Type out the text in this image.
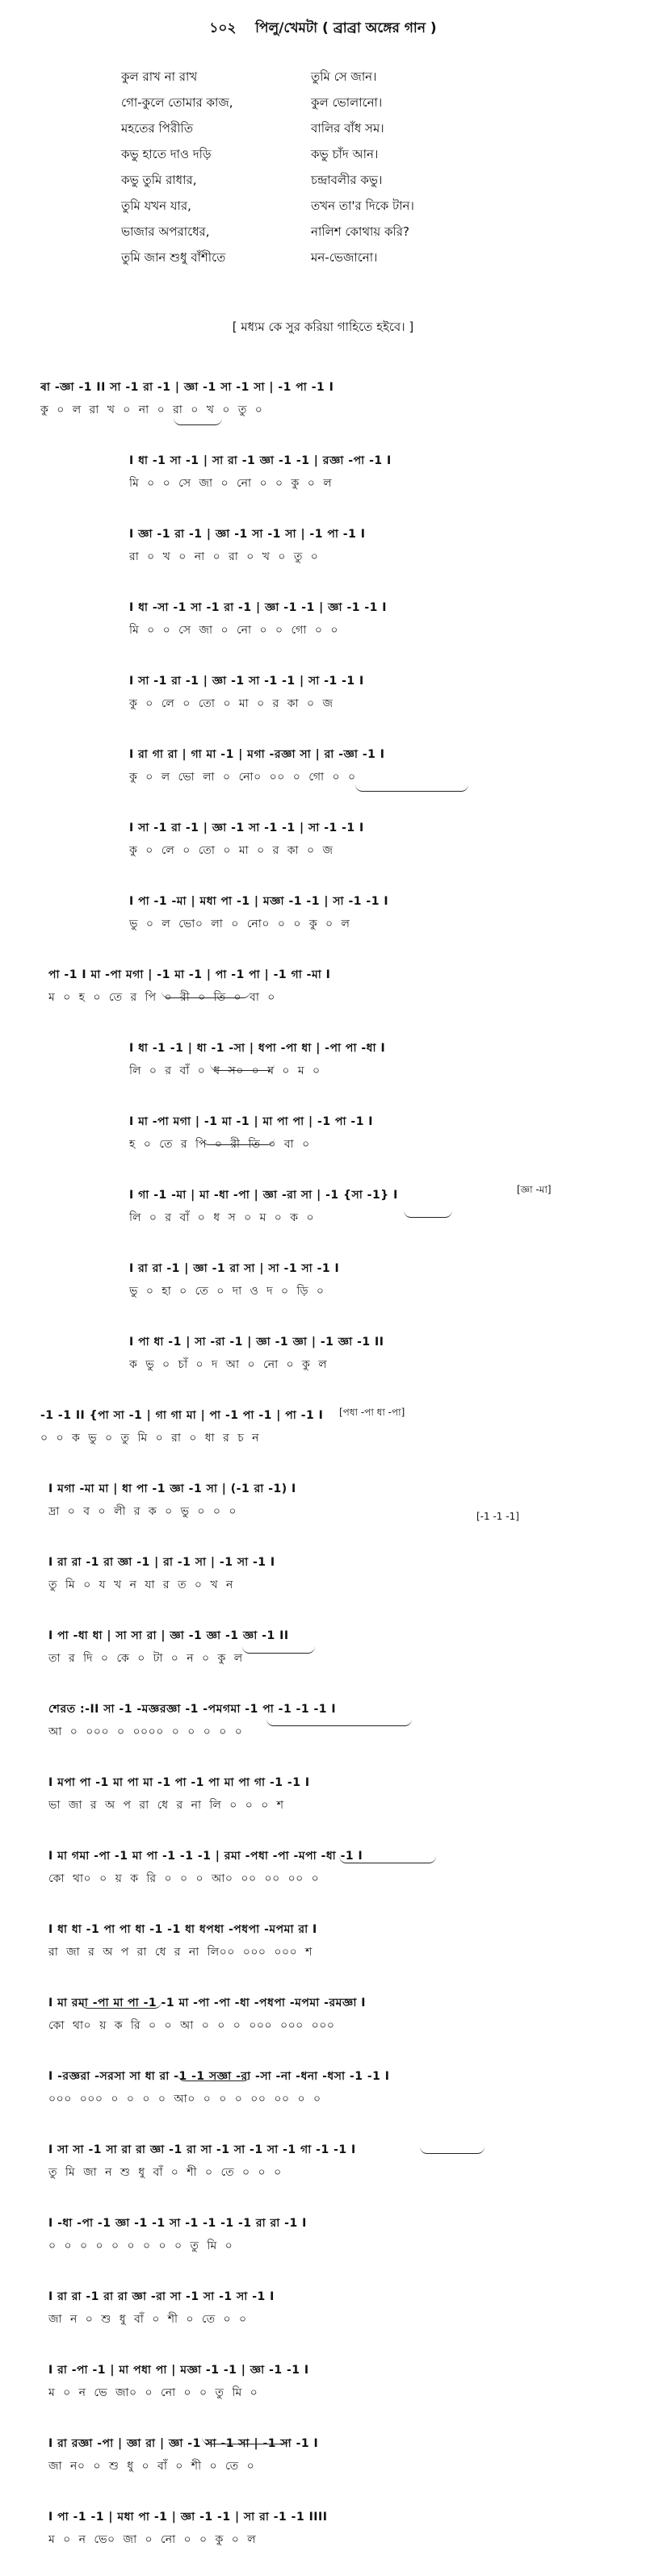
১০২ পিলু/খেমটা ( ব্রাব্রা অঙ্গের গান )
কুল রাখ না রাখ	তুমি সে জান।
গো-কুলে তোমার কাজ,	কুল ভোলানো।
মহতের পিরীতি	বালির বাঁধ সম।
কভু হাতে দাও দড়ি	কভু চাঁদ আন।
কভু তুমি রাধার,	চন্দ্রাবলীর কভু।
তুমি যখন যার,	তখন তা'র দিকে টান।
ভাজার অপরাধের,	নালিশ কোথায় করি?
তুমি জান শুধু বাঁশীতে	মন-ভেজানো।
[ মধ্যম কে সুর করিয়া গাহিতে হইবে। ]
ৰা -জ্ঞা -1 II সা -1 রা -1 | জ্ঞা -1 সা -1 সা | -1 পা -1 I
কু  ০  ল  রা  খ  ০  না  ০  রা  ০  খ  ০  তু  ০
I ধা -1 সা -1 | সা রা -1 জ্ঞা -1 -1 | রজ্ঞা -পা -1 I
মি  ০  ০  সে  জা  ০  নো  ০  ০  কু  ০  ল
I জ্ঞা -1 রা -1 | জ্ঞা -1 সা -1 সা | -1 পা -1 I
রা  ০  খ  ০  না  ০  রা  ০  খ  ০  তু  ০
I ধা -সা -1 সা -1 রা -1 | জ্ঞা -1 -1 | জ্ঞা -1 -1 I
মি  ০  ০  সে  জা  ০  নো  ০  ০  গো  ০  ০
I সা -1 রা -1 | জ্ঞা -1 সা -1 -1 | সা -1 -1 I
কু  ০  লে  ০  তো  ০  মা  ০  র  কা  ০  জ
I রা গা রা | গা মা -1 | মগা -রজ্ঞা সা | রা -জ্ঞা -1 I
কু  ০  ল  ভো  লা  ০  নো০  ০০  ০  গো  ০  ০
I সা -1 রা -1 | জ্ঞা -1 সা -1 -1 | সা -1 -1 I
কু  ০  লে  ০  তো  ০  মা  ০  র  কা  ০  জ
I পা -1 -মা | মধা পা -1 | মজ্ঞা -1 -1 | সা -1 -1 I
ভু  ০  ল  ভো০  লা  ০  নো০  ০  ০  কু  ০  ল
পা -1 I মা -পা মগা | -1 মা -1 | পা -1 পা | -1 গা -মা I
ম  ০  হ  ০  তে  র  পি  ০  রী  ০  তি  ০  বা  ০
I ধা -1 -1 | ধা -1 -সা | ধপা -পা ধা | -পা পা -ধা I
লি  ০  র  বাঁ  ০  ধ  স০  ০  ম  ০  ম  ০
I মা -পা মগা | -1 মা -1 | মা পা পা | -1 পা -1 I
হ  ০  তে  র  পি  ০  রী  তি  ০  বা  ০
I গা -1 -মা | মা -ধা -পা | জ্ঞা -রা সা | -1 {সা -1} I
লি  ০  র  বাঁ  ০  ধ  স  ০  ম  ০  ক  ০
I রা রা -1 | জ্ঞা -1 রা সা | সা -1 সা -1 I
ভু  ০  হা  ০  তে  ০  দা  ও  দ  ০  ড়ি  ০
I পা ধা -1 | সা -রা -1 | জ্ঞা -1 জ্ঞা | -1 জ্ঞা -1 II
ক  ভু  ০  চাঁ  ০  দ  আ  ০  নো  ০  কু  ল
-1 -1 II {পা সা -1 | গা গা মা | পা -1 পা -1 | পা -1 I
০  ০  ক  ভু  ০  তু  মি  ০  রা  ০  ধা  র  চ  ন
I মগা -মা মা | ধা পা -1 জ্ঞা -1 সা | (-1 রা -1) I
দ্রা  ০  ব  ০  লী  র  ক  ০  ভু  ০  ০  ০
I রা রা -1 রা জ্ঞা -1 | রা -1 সা | -1 সা -1 I
তু  মি  ০  য  খ  ন  যা  র  ত  ০  খ  ন
I পা -ধা ধা | সা সা রা | জ্ঞা -1 জ্ঞা -1 জ্ঞা -1 II
তা  র  দি  ০  কে  ০  টা  ০  ন  ০  কু  ল
শেরত :-II সা -1 -মজ্ঞরজ্ঞা -1 -পমগমা -1 পা -1 -1 -1 I
আ  ০  ০০০  ০  ০০০০  ০  ০  ০  ০  ০
I মপা পা -1 মা পা মা -1 পা -1 পা মা পা গা -1 -1 I
ভা  জা  র  অ  প  রা  ধে  র  না  লি  ০  ০  ০  শ
I মা গমা -পা -1 মা পা -1 -1 -1 | রমা -পধা -পা -মপা -ধা -1 I
কো  থা০  ০  য়  ক  রি  ০  ০  ০  আ০  ০০  ০০  ০০  ০
I ধা ধা -1 পা পা ধা -1 -1 ধা ধপধা -পধপা -মপমা রা I
রা  জা  র  অ  প  রা  ধে  র  না  লি০০  ০০০  ০০০  শ
I মা রমা -পা মা পা -1 -1 মা -পা -পা -ধা -পধপা -মপমা -রমজ্ঞা I
কো  থা০  য়  ক  রি  ০  ০  আ  ০  ০  ০  ০০০  ০০০  ০০০
I -রজ্ঞরা -সরসা সা ধা রা -1 -1 সজ্ঞা -রা -সা -না -ধনা -ধসা -1 -1 I
০০০  ০০০  ০  ০  ০  ০  আ০  ০  ০  ০  ০০  ০০  ০  ০
I সা সা -1 সা রা রা জ্ঞা -1 রা সা -1 সা -1 সা -1 গা -1 -1 I
তু  মি  জা  ন  শু  ধু  বাঁ  ০  শী  ০  তে  ০  ০  ০
I -ধা -পা -1 জ্ঞা -1 -1 সা -1 -1 -1 -1 রা রা -1 I
০  ০  ০  ০  ০  ০  ০  ০  ০  তু  মি  ০
I রা রা -1 রা রা জ্ঞা -রা সা -1 সা -1 সা -1 I
জা  ন  ০  শু  ধু  বাঁ  ০  শী  ০  তে  ০  ০
I রা -পা -1 | মা পধা পা | মজ্ঞা -1 -1 | জ্ঞা -1 -1 I
ম  ০  ন  ভে  জা০  ০  নো  ০  ০  তু  মি  ০
I রা রজ্ঞা -পা | জ্ঞা রা | জ্ঞা -1 সা -1 সা | -1 সা -1 I
জা  ন০  ০  শু  ধু  ০  বাঁ  ০  শী  ০  তে  ০
I পা -1 -1 | মধা পা -1 | জ্ঞা -1 -1 | সা রা -1 -1 IIII
ম  ০  ন  ভে০  জা  ০  নো  ০  ০  কু  ০  ল
[জ্ঞা -মা]
[পধা -পা ধা -পা]
[-1 -1 -1]
